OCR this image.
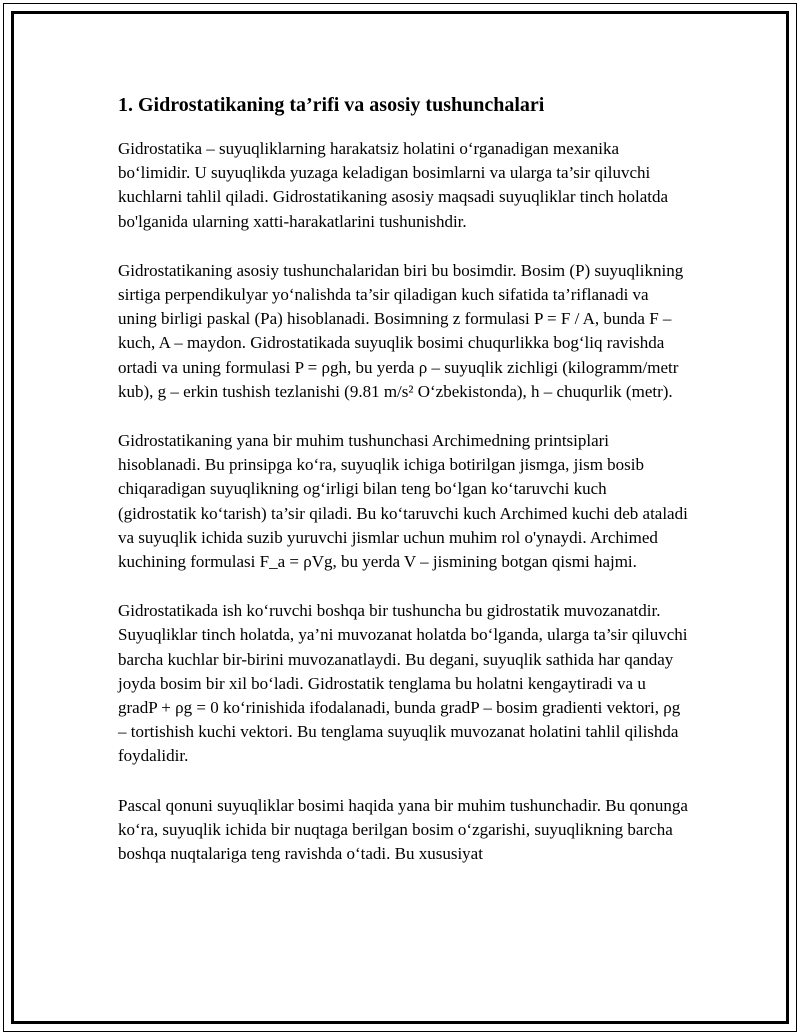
1. Gidrostatikaning ta’rifi va asosiy tushunchalari

Gidrostatika – suyuqliklarning harakatsiz holatini o‘rganadigan mexanika bo‘limidir. U suyuqlikda yuzaga keladigan bosimlarni va ularga ta’sir qiluvchi kuchlarni tahlil qiladi. Gidrostatikaning asosiy maqsadi suyuqliklar tinch holatda bo'lganida ularning xatti-harakatlarini tushunishdir.

Gidrostatikaning asosiy tushunchalaridan biri bu bosimdir. Bosim (P) suyuqlikning sirtiga perpendikulyar yo‘nalishda ta’sir qiladigan kuch sifatida ta’riflanadi va uning birligi paskal (Pa) hisoblanadi. Bosimning z formulasi P = F / A, bunda F – kuch, A – maydon. Gidrostatikada suyuqlik bosimi chuqurlikka bog‘liq ravishda ortadi va uning formulasi P = ρgh, bu yerda ρ – suyuqlik zichligi (kilogramm/metr kub), g – erkin tushish tezlanishi (9.81 m/s² O‘zbekistonda), h – chuqurlik (metr).

Gidrostatikaning yana bir muhim tushunchasi Archimedning printsiplari hisoblanadi. Bu prinsipga ko‘ra, suyuqlik ichiga botirilgan jismga, jism bosib chiqaradigan suyuqlikning og‘irligi bilan teng bo‘lgan ko‘taruvchi kuch (gidrostatik ko‘tarish) ta’sir qiladi. Bu ko‘taruvchi kuch Archimed kuchi deb ataladi va suyuqlik ichida suzib yuruvchi jismlar uchun muhim rol o'ynaydi. Archimed kuchining formulasi F_a = ρVg, bu yerda V – jismining botgan qismi hajmi.

Gidrostatikada ish ko‘ruvchi boshqa bir tushuncha bu gidrostatik muvozanatdir. Suyuqliklar tinch holatda, ya’ni muvozanat holatda bo‘lganda, ularga ta’sir qiluvchi barcha kuchlar bir-birini muvozanatlaydi. Bu degani, suyuqlik sathida har qanday joyda bosim bir xil bo‘ladi. Gidrostatik tenglama bu holatni kengaytiradi va u gradP + ρg = 0 ko‘rinishida ifodalanadi, bunda gradP – bosim gradienti vektori, ρg – tortishish kuchi vektori. Bu tenglama suyuqlik muvozanat holatini tahlil qilishda foydalidir.

Pascal qonuni suyuqliklar bosimi haqida yana bir muhim tushunchadir. Bu qonunga ko‘ra, suyuqlik ichida bir nuqtaga berilgan bosim o‘zgarishi, suyuqlikning barcha boshqa nuqtalariga teng ravishda o‘tadi. Bu xususiyat
